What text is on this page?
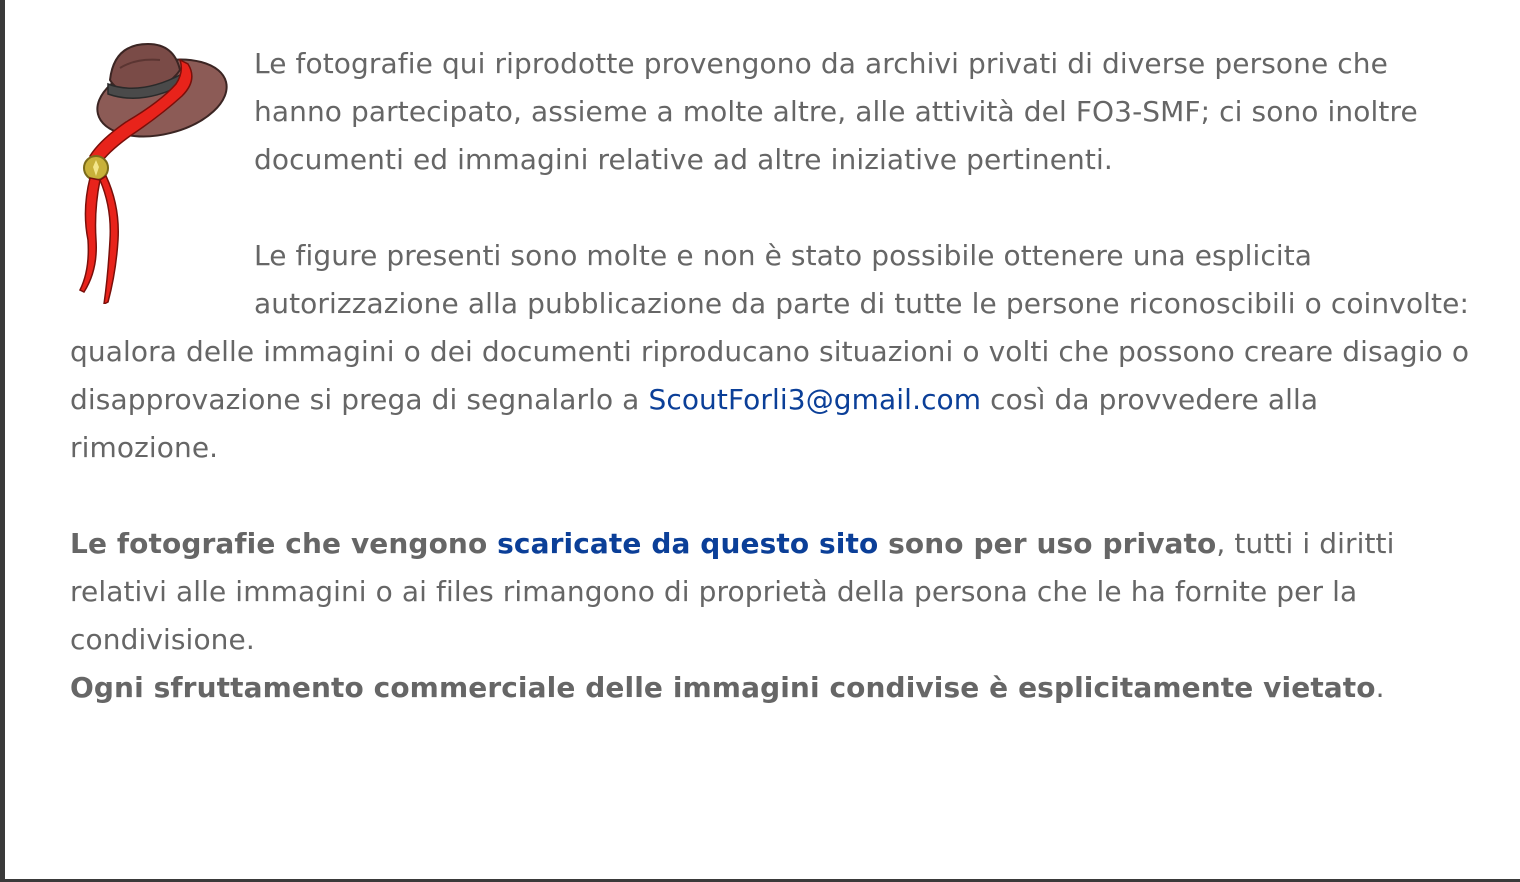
Le fotografie qui riprodotte provengono da archivi privati di diverse persone che hanno partecipato, assieme a molte altre, alle attività del FO3-SMF; ci sono inoltre documenti ed immagini relative ad altre iniziative pertinenti.

Le figure presenti sono molte e non è stato possibile ottenere una esplicita autorizzazione alla pubblicazione da parte di tutte le persone riconoscibili o coinvolte: qualora delle immagini o dei documenti riproducano situazioni o volti che possono creare disagio o disapprovazione si prega di segnalarlo a ScoutForli3@gmail.com così da provvedere alla rimozione.

Le fotografie che vengono scaricate da questo sito sono per uso privato, tutti i diritti relativi alle immagini o ai files rimangono di proprietà della persona che le ha fornite per la condivisione.

Ogni sfruttamento commerciale delle immagini condivise è esplicitamente vietato.
